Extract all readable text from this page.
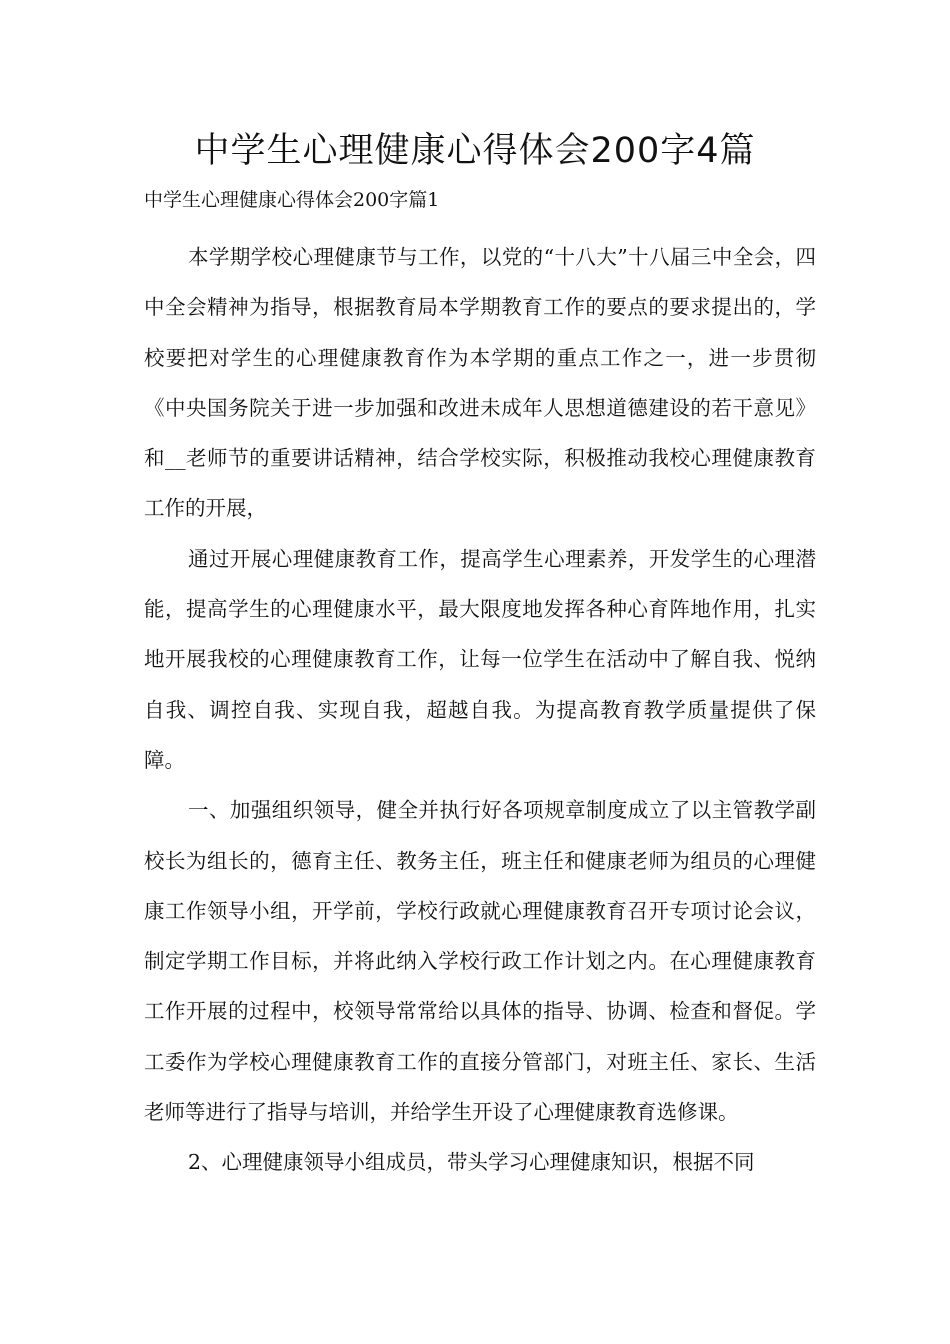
中学生心理健康心得体会200字4篇

中学生心理健康心得体会200字篇1

本学期学校心理健康节与工作，以党的“十八大”十八届三中全会，四中全会精神为指导，根据教育局本学期教育工作的要点的要求提出的，学校要把对学生的心理健康教育作为本学期的重点工作之一，进一步贯彻《中央国务院关于进一步加强和改进未成年人思想道德建设的若干意见》和__老师节的重要讲话精神，结合学校实际，积极推动我校心理健康教育工作的开展，

通过开展心理健康教育工作，提高学生心理素养，开发学生的心理潜能，提高学生的心理健康水平，最大限度地发挥各种心育阵地作用，扎实地开展我校的心理健康教育工作，让每一位学生在活动中了解自我、悦纳自我、调控自我、实现自我，超越自我。为提高教育教学质量提供了保障。

一、加强组织领导，健全并执行好各项规章制度成立了以主管教学副校长为组长的，德育主任、教务主任，班主任和健康老师为组员的心理健康工作领导小组，开学前，学校行政就心理健康教育召开专项讨论会议，制定学期工作目标，并将此纳入学校行政工作计划之内。在心理健康教育工作开展的过程中，校领导常常给以具体的指导、协调、检查和督促。学工委作为学校心理健康教育工作的直接分管部门，对班主任、家长、生活老师等进行了指导与培训，并给学生开设了心理健康教育选修课。

2、心理健康领导小组成员，带头学习心理健康知识，根据不同
